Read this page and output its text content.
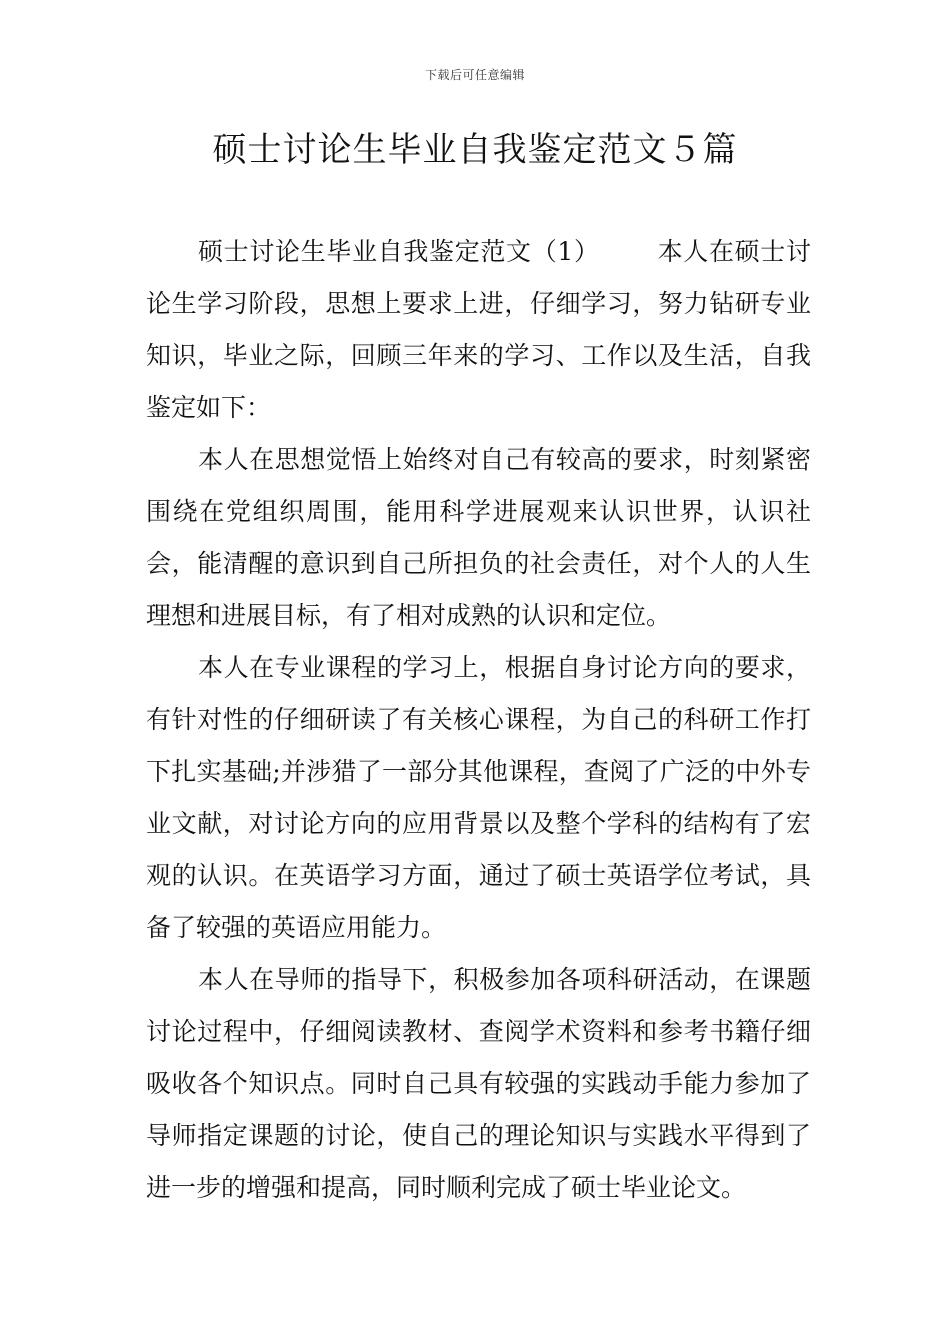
下载后可任意编辑
硕士讨论生毕业自我鉴定范文５篇

硕士讨论生毕业自我鉴定范文（1） 本人在硕士讨论生学习阶段，思想上要求上进，仔细学习，努力钻研专业知识，毕业之际，回顾三年来的学习、工作以及生活，自我鉴定如下：

本人在思想觉悟上始终对自己有较高的要求，时刻紧密围绕在党组织周围，能用科学进展观来认识世界，认识社会，能清醒的意识到自己所担负的社会责任，对个人的人生理想和进展目标，有了相对成熟的认识和定位。

本人在专业课程的学习上，根据自身讨论方向的要求，有针对性的仔细研读了有关核心课程，为自己的科研工作打下扎实基础;并涉猎了一部分其他课程，查阅了广泛的中外专业文献，对讨论方向的应用背景以及整个学科的结构有了宏观的认识。在英语学习方面，通过了硕士英语学位考试，具备了较强的英语应用能力。

本人在导师的指导下，积极参加各项科研活动，在课题讨论过程中，仔细阅读教材、查阅学术资料和参考书籍仔细吸收各个知识点。同时自己具有较强的实践动手能力参加了导师指定课题的讨论，使自己的理论知识与实践水平得到了进一步的增强和提高，同时顺利完成了硕士毕业论文。
